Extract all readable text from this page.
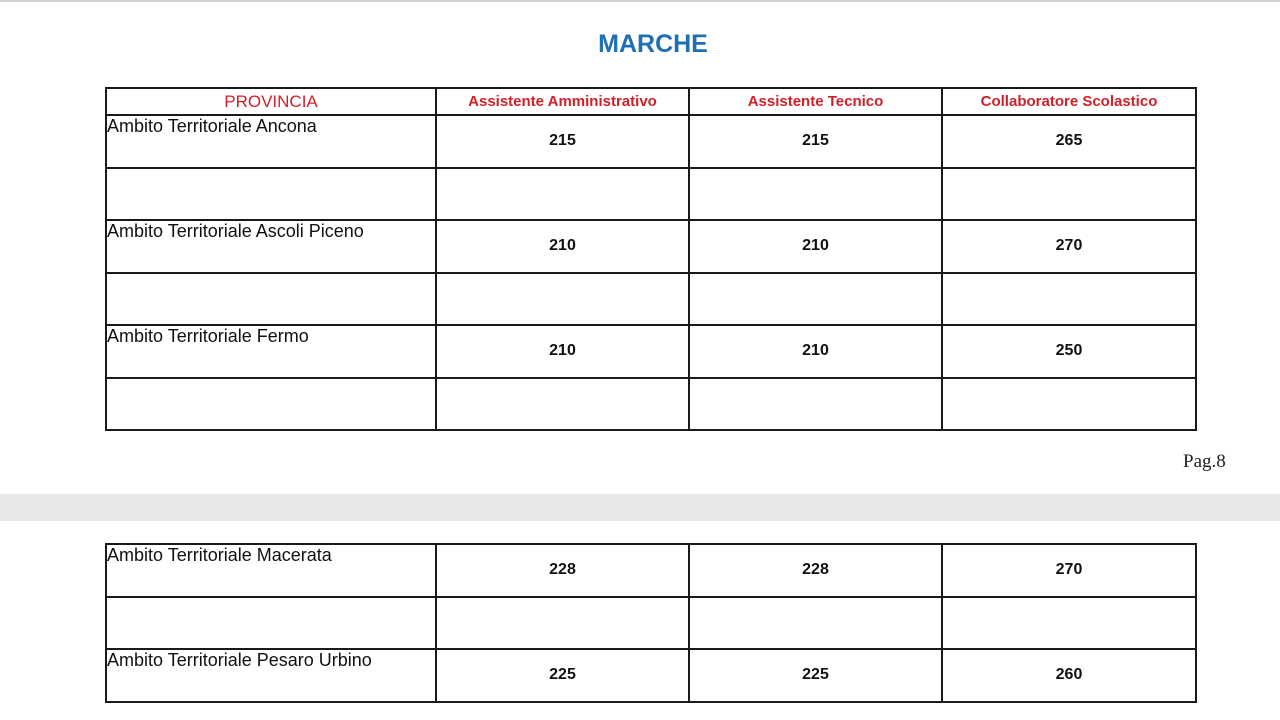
MARCHE
PROVINCIA	Assistente Amministrativo	Assistente Tecnico	Collaboratore Scolastico
Ambito Territoriale Ancona	215	215	265

Ambito Territoriale Ascoli Piceno	210	210	270

Ambito Territoriale Fermo	210	210	250

Pag.8
Ambito Territoriale Macerata	228	228	270

Ambito Territoriale Pesaro Urbino	225	225	260
